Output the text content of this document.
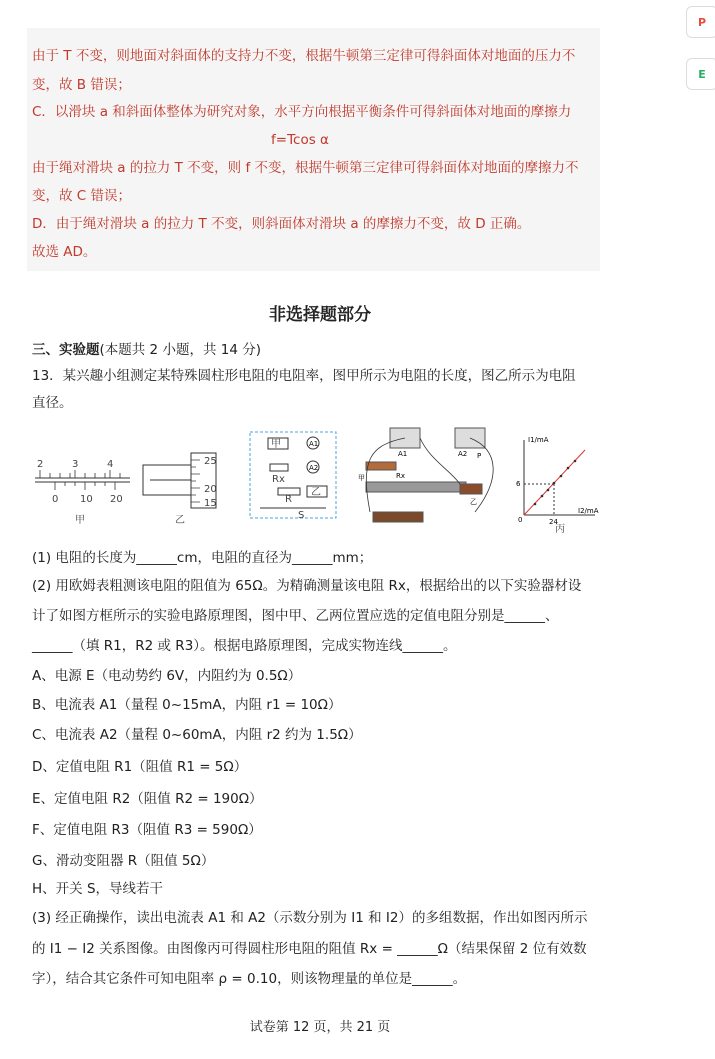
由于 T 不变，则地面对斜面体的支持力不变，根据牛顿第三定律可得斜面体对地面的压力不
变，故 B 错误；
C．以滑块 a 和斜面体整体为研究对象，水平方向根据平衡条件可得斜面体对地面的摩擦力
f=Tcos α
由于绳对滑块 a 的拉力 T 不变，则 f 不变，根据牛顿第三定律可得斜面体对地面的摩擦力不
变，故 C 错误；
D．由于绳对滑块 a 的拉力 T 不变，则斜面体对滑块 a 的摩擦力不变，故 D 正确。
故选 AD。
非选择题部分
三、实验题(本题共 2 小题，共 14 分)
13．某兴趣小组测定某特殊圆柱形电阻的电阻率，图甲所示为电阻的长度，图乙所示为电阻
直径。
2	3	4
0 10 20
甲
25
20
15
乙
甲	A1
A2
Rx
R
乙
S
A1	A2 P
Rx
甲
乙
I1/mA
I2/mA
6
24
0
丙
(1) 电阻的长度为______cm，电阻的直径为______mm；
(2) 用欧姆表粗测该电阻的阻值为 65Ω。为精确测量该电阻 Rx，根据给出的以下实验器材设
计了如图方框所示的实验电路原理图，图中甲、乙两位置应选的定值电阻分别是______、
______（填 R1，R2 或 R3）。根据电路原理图，完成实物连线______。
A、电源 E（电动势约 6V，内阻约为 0.5Ω）
B、电流表 A1（量程 0~15mA，内阻 r1 = 10Ω）
C、电流表 A2（量程 0~60mA，内阻 r2 约为 1.5Ω）
D、定值电阻 R1（阻值 R1 = 5Ω）
E、定值电阻 R2（阻值 R2 = 190Ω）
F、定值电阻 R3（阻值 R3 = 590Ω）
G、滑动变阻器 R（阻值 5Ω）
H、开关 S，导线若干
(3) 经正确操作，读出电流表 A1 和 A2（示数分别为 I1 和 I2）的多组数据，作出如图丙所示
的 I1 − I2 关系图像。由图像丙可得圆柱形电阻的阻值 Rx = ______Ω（结果保留 2 位有效数
字），结合其它条件可知电阻率 ρ = 0.10，则该物理量的单位是______。
试卷第 12 页，共 21 页
P
E
